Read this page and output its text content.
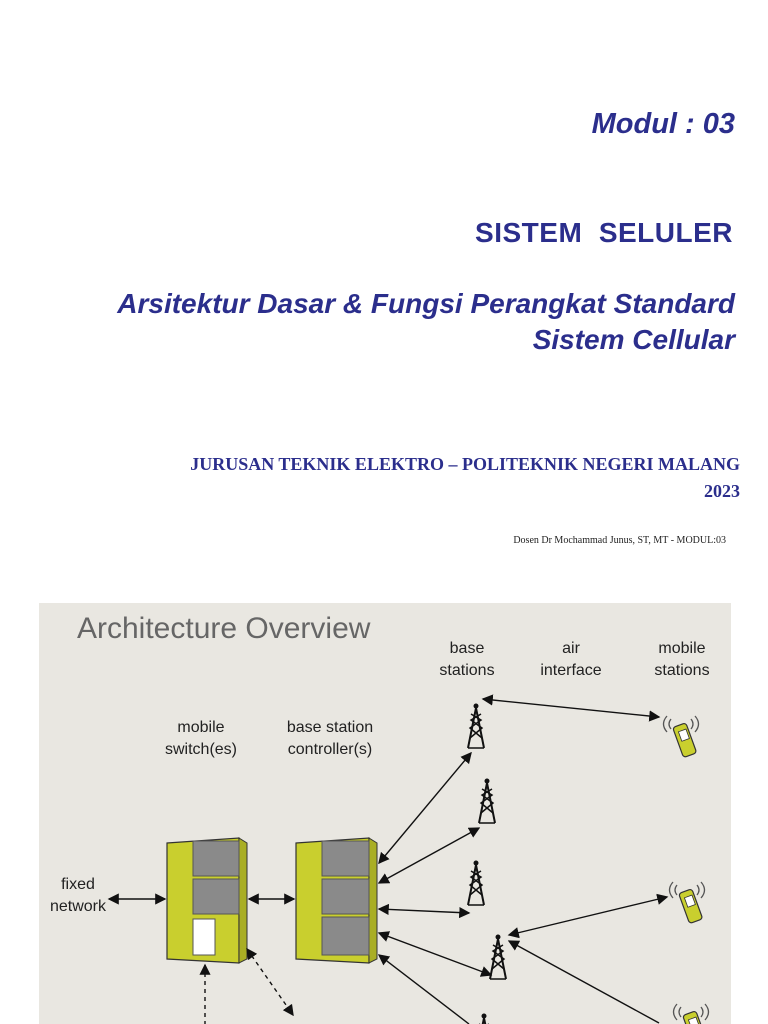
Modul : 03
SISTEM  SELULER
Arsitektur Dasar & Fungsi Perangkat Standard
Sistem Cellular
JURUSAN TEKNIK ELEKTRO – POLITEKNIK NEGERI MALANG
2023
Dosen Dr Mochammad Junus, ST, MT - MODUL:03
Architecture Overview
base
stations
air
interface
mobile
stations
mobile
switch(es)
base station
controller(s)
fixed
network
